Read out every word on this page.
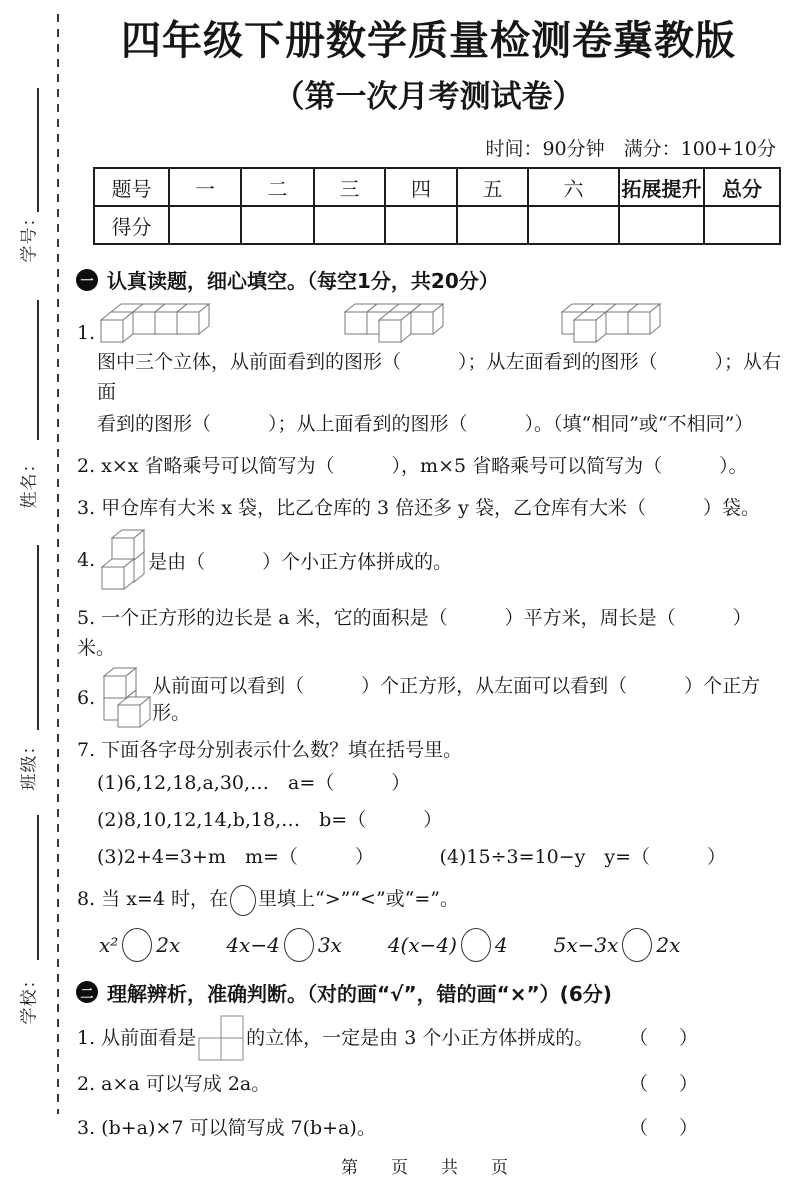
学号：
姓名：
班级：
学校：
四年级下册数学质量检测卷冀教版
（第一次月考测试卷）
时间：90分钟　满分：100+10分
题号	一	二	三	四	五	六	拓展提升	总分
得分								
一 认真读题，细心填空。（每空1分，共20分）
1.
图中三个立体，从前面看到的图形（　　　）；从左面看到的图形（　　　）；从右面
看到的图形（　　　）；从上面看到的图形（　　　）。（填“相同”或“不相同”）
2. x×x 省略乘号可以简写为（　　　），m×5 省略乘号可以简写为（　　　）。
3. 甲仓库有大米 x 袋，比乙仓库的 3 倍还多 y 袋，乙仓库有大米（　　　）袋。
4.	是由（　　　）个小正方体拼成的。
5. 一个正方形的边长是 a 米，它的面积是（　　　）平方米，周长是（　　　）米。
6.
从前面可以看到（　　　）个正方形，从左面可以看到（　　　）个正方形。
7. 下面各字母分别表示什么数？填在括号里。
(1)6,12,18,a,30,…　a=（　　　）
(2)8,10,12,14,b,18,…　b=（　　　）
(3)2+4=3+m　m=（　　　）	(4)15÷3=10−y　y=（　　　）
8. 当 x=4 时，在 里填上“>”“<”或“=”。
x² 2x 4x−4 3x 4(x−4) 4 5x−3x 2x
二 理解辨析，准确判断。（对的画“√”，错的画“×”）(6分)
1. 从前面看是	的立体，一定是由 3 个小正方体拼成的。 （　）
2. a×a 可以写成 2a。	（　）
3. (b+a)×7 可以简写成 7(b+a)。	（　）
第　页　共　页
